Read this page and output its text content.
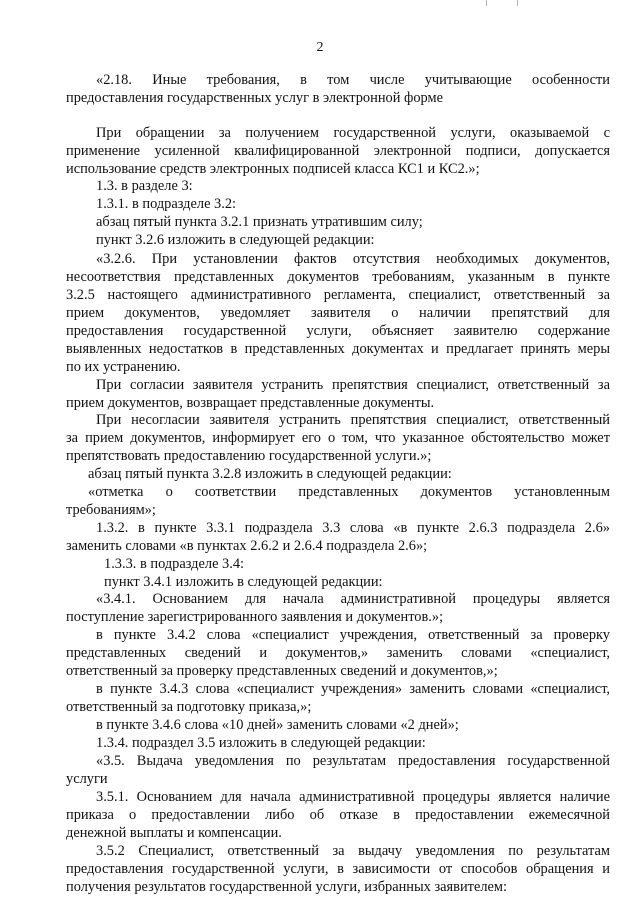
2
«2.18. Иные требования, в том числе учитывающие особенности
предоставления государственных услуг в электронной форме
При обращении за получением государственной услуги, оказываемой с
применение усиленной квалифицированной электронной подписи, допускается
использование средств электронных подписей класса КС1 и КС2.»;
1.3. в разделе 3:
1.3.1. в подразделе 3.2:
абзац пятый пункта 3.2.1 признать утратившим силу;
пункт 3.2.6 изложить в следующей редакции:
«3.2.6. При установлении фактов отсутствия необходимых документов,
несоответствия представленных документов требованиям, указанным в пункте
3.2.5 настоящего административного регламента, специалист, ответственный за
прием документов, уведомляет заявителя о наличии препятствий для
предоставления государственной услуги, объясняет заявителю содержание
выявленных недостатков в представленных документах и предлагает принять меры
по их устранению.
При согласии заявителя устранить препятствия специалист, ответственный за
прием документов, возвращает представленные документы.
При несогласии заявителя устранить препятствия специалист, ответственный
за прием документов, информирует его о том, что указанное обстоятельство может
препятствовать предоставлению государственной услуги.»;
абзац пятый пункта 3.2.8 изложить в следующей редакции:
«отметка о соответствии представленных документов установленным
требованиям»;
1.3.2. в пункте 3.3.1 подраздела 3.3 слова «в пункте 2.6.3 подраздела 2.6»
заменить словами «в пунктах 2.6.2 и 2.6.4 подраздела 2.6»;
1.3.3. в подразделе 3.4:
пункт 3.4.1 изложить в следующей редакции:
«3.4.1. Основанием для начала административной процедуры является
поступление зарегистрированного заявления и документов.»;
в пункте 3.4.2 слова «специалист учреждения, ответственный за проверку
представленных сведений и документов,» заменить словами «специалист,
ответственный за проверку представленных сведений и документов,»;
в пункте 3.4.3 слова «специалист учреждения» заменить словами «специалист,
ответственный за подготовку приказа,»;
в пункте 3.4.6 слова «10 дней» заменить словами «2 дней»;
1.3.4. подраздел 3.5 изложить в следующей редакции:
«3.5. Выдача уведомления по результатам предоставления государственной
услуги
3.5.1. Основанием для начала административной процедуры является наличие
приказа о предоставлении либо об отказе в предоставлении ежемесячной
денежной выплаты и компенсации.
3.5.2 Специалист, ответственный за выдачу уведомления по результатам
предоставления государственной услуги, в зависимости от способов обращения и
получения результатов государственной услуги, избранных заявителем:
